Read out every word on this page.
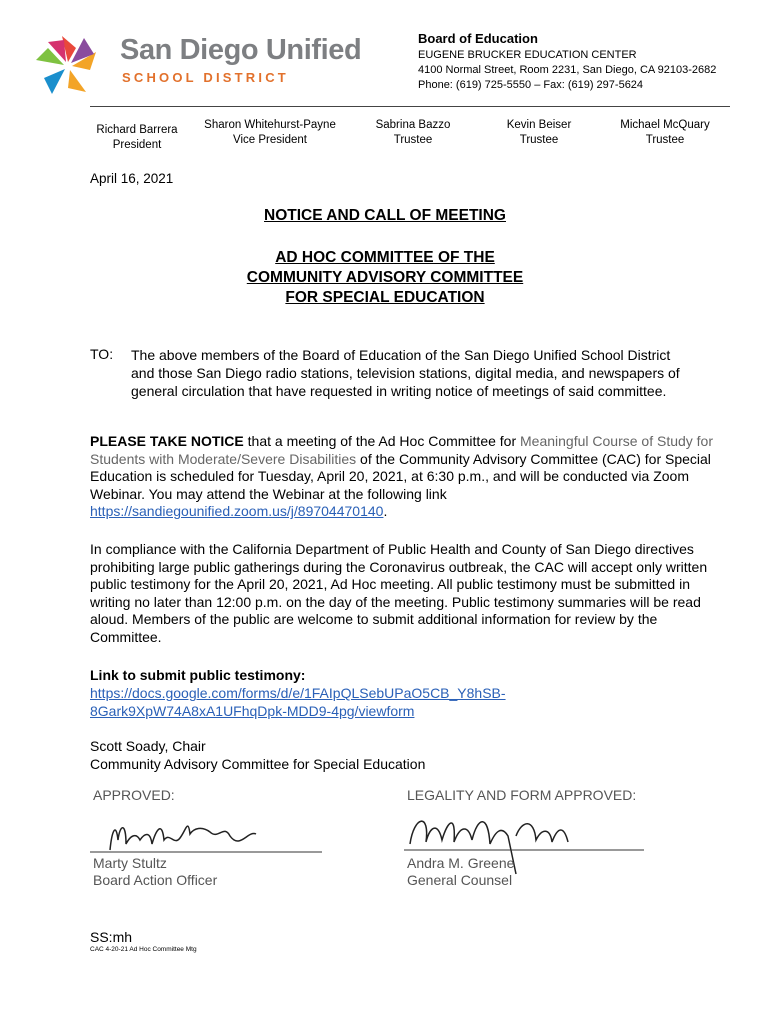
San Diego Unified
SCHOOL DISTRICT
Board of Education
EUGENE BRUCKER EDUCATION CENTER
4100 Normal Street, Room 2231, San Diego, CA 92103-2682
Phone: (619) 725-5550 – Fax: (619) 297-5624
Richard Barrera
President
Sharon Whitehurst-Payne
Vice President
Sabrina Bazzo
Trustee
Kevin Beiser
Trustee
Michael McQuary
Trustee
April 16, 2021
NOTICE AND CALL OF MEETING
AD HOC COMMITTEE OF THE
COMMUNITY ADVISORY COMMITTEE
FOR SPECIAL EDUCATION
TO: The above members of the Board of Education of the San Diego Unified School District and those San Diego radio stations, television stations, digital media, and newspapers of general circulation that have requested in writing notice of meetings of said committee.
PLEASE TAKE NOTICE that a meeting of the Ad Hoc Committee for Meaningful Course of Study for Students with Moderate/Severe Disabilities of the Community Advisory Committee (CAC) for Special Education is scheduled for Tuesday, April 20, 2021, at 6:30 p.m., and will be conducted via Zoom Webinar. You may attend the Webinar at the following link https://sandiegounified.zoom.us/j/89704470140.
In compliance with the California Department of Public Health and County of San Diego directives prohibiting large public gatherings during the Coronavirus outbreak, the CAC will accept only written public testimony for the April 20, 2021, Ad Hoc meeting. All public testimony must be submitted in writing no later than 12:00 p.m. on the day of the meeting. Public testimony summaries will be read aloud. Members of the public are welcome to submit additional information for review by the Committee.
Link to submit public testimony:
https://docs.google.com/forms/d/e/1FAIpQLSebUPaO5CB_Y8hSB-
8Gark9XpW74A8xA1UFhqDpk-MDD9-4pg/viewform
Scott Soady, Chair
Community Advisory Committee for Special Education
APPROVED:	LEGALITY AND FORM APPROVED:
Marty Stultz
Board Action Officer
Andra M. Greene
General Counsel
SS:mh
CAC 4-20-21 Ad Hoc Committee Mtg
